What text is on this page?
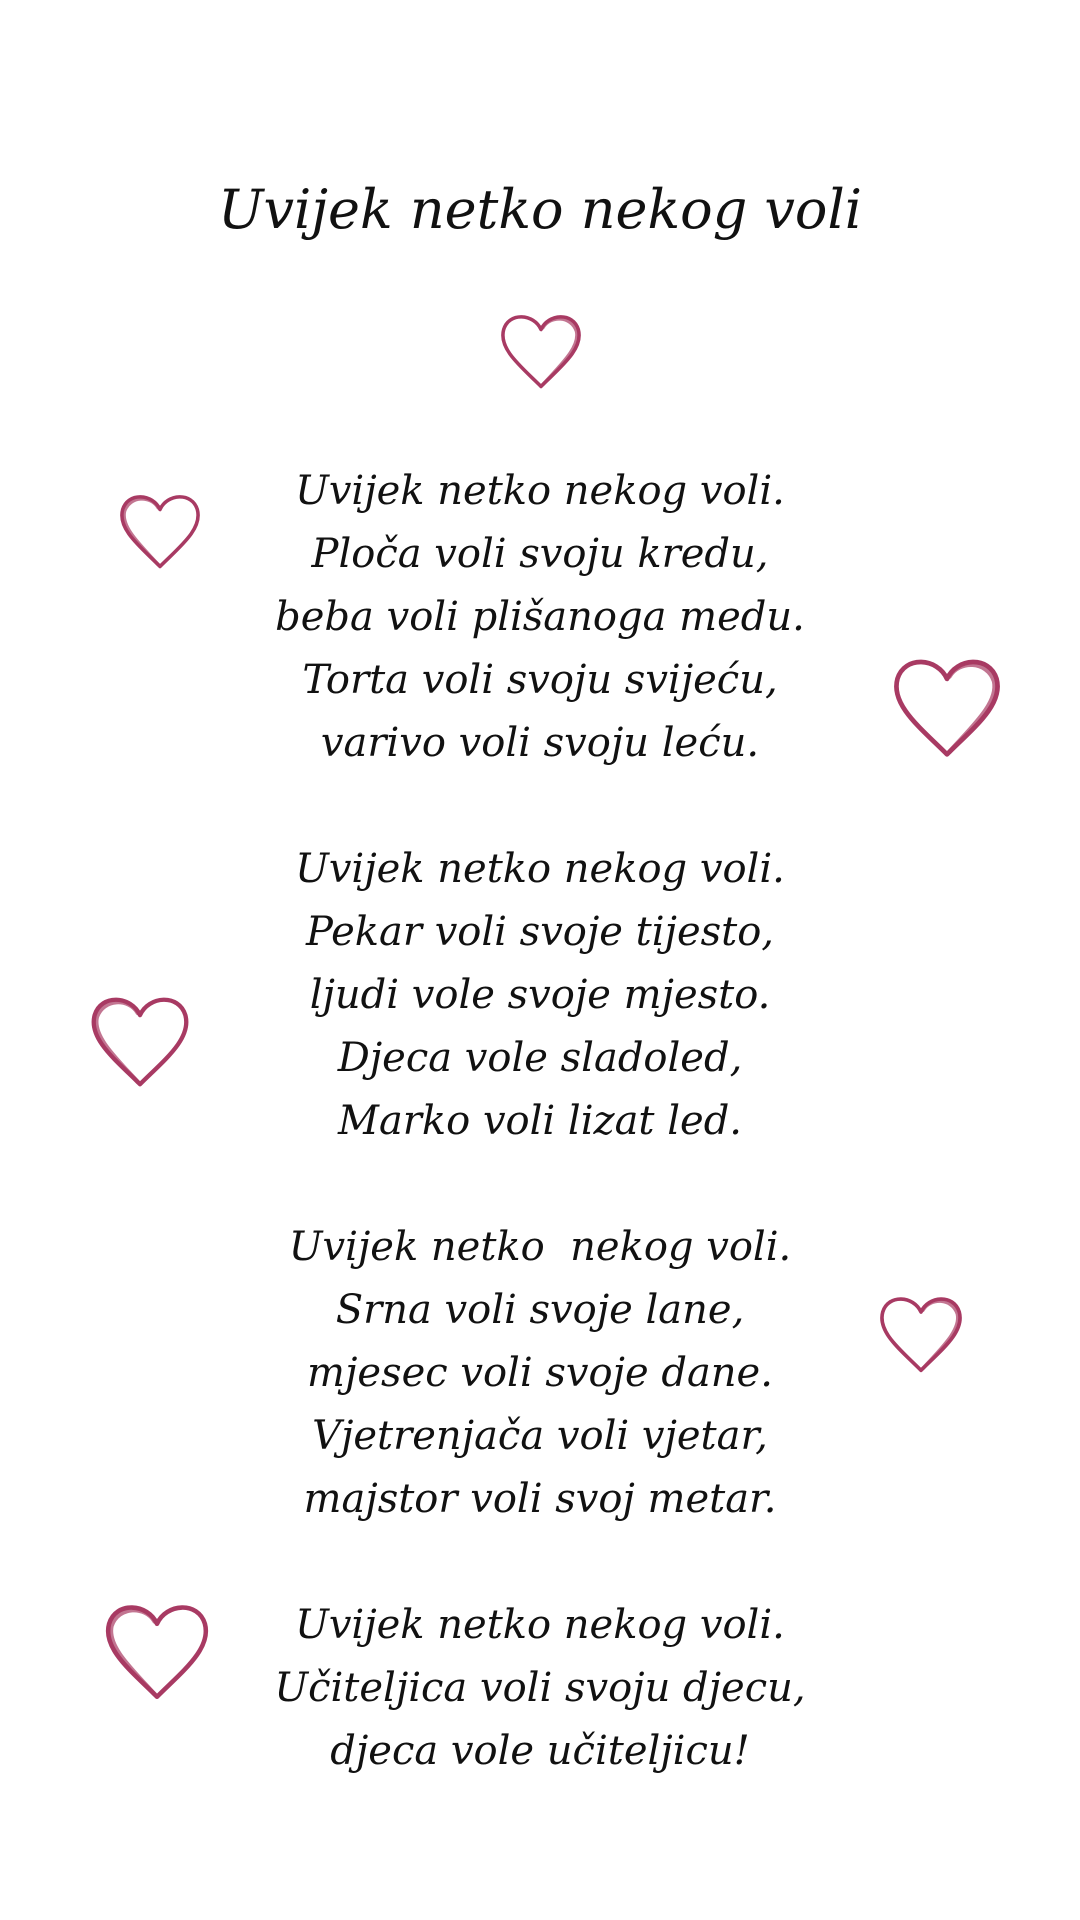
Uvijek netko nekog voli
Uvijek netko nekog voli.
Ploča voli svoju kredu,
beba voli plišanoga medu.
Torta voli svoju svijeću,
varivo voli svoju leću.
Uvijek netko nekog voli.
Pekar voli svoje tijesto,
ljudi vole svoje mjesto.
Djeca vole sladoled,
Marko voli lizat led.
Uvijek netko  nekog voli.
Srna voli svoje lane,
mjesec voli svoje dane.
Vjetrenjača voli vjetar,
majstor voli svoj metar.
Uvijek netko nekog voli.
Učiteljica voli svoju djecu,
djeca vole učiteljicu!
